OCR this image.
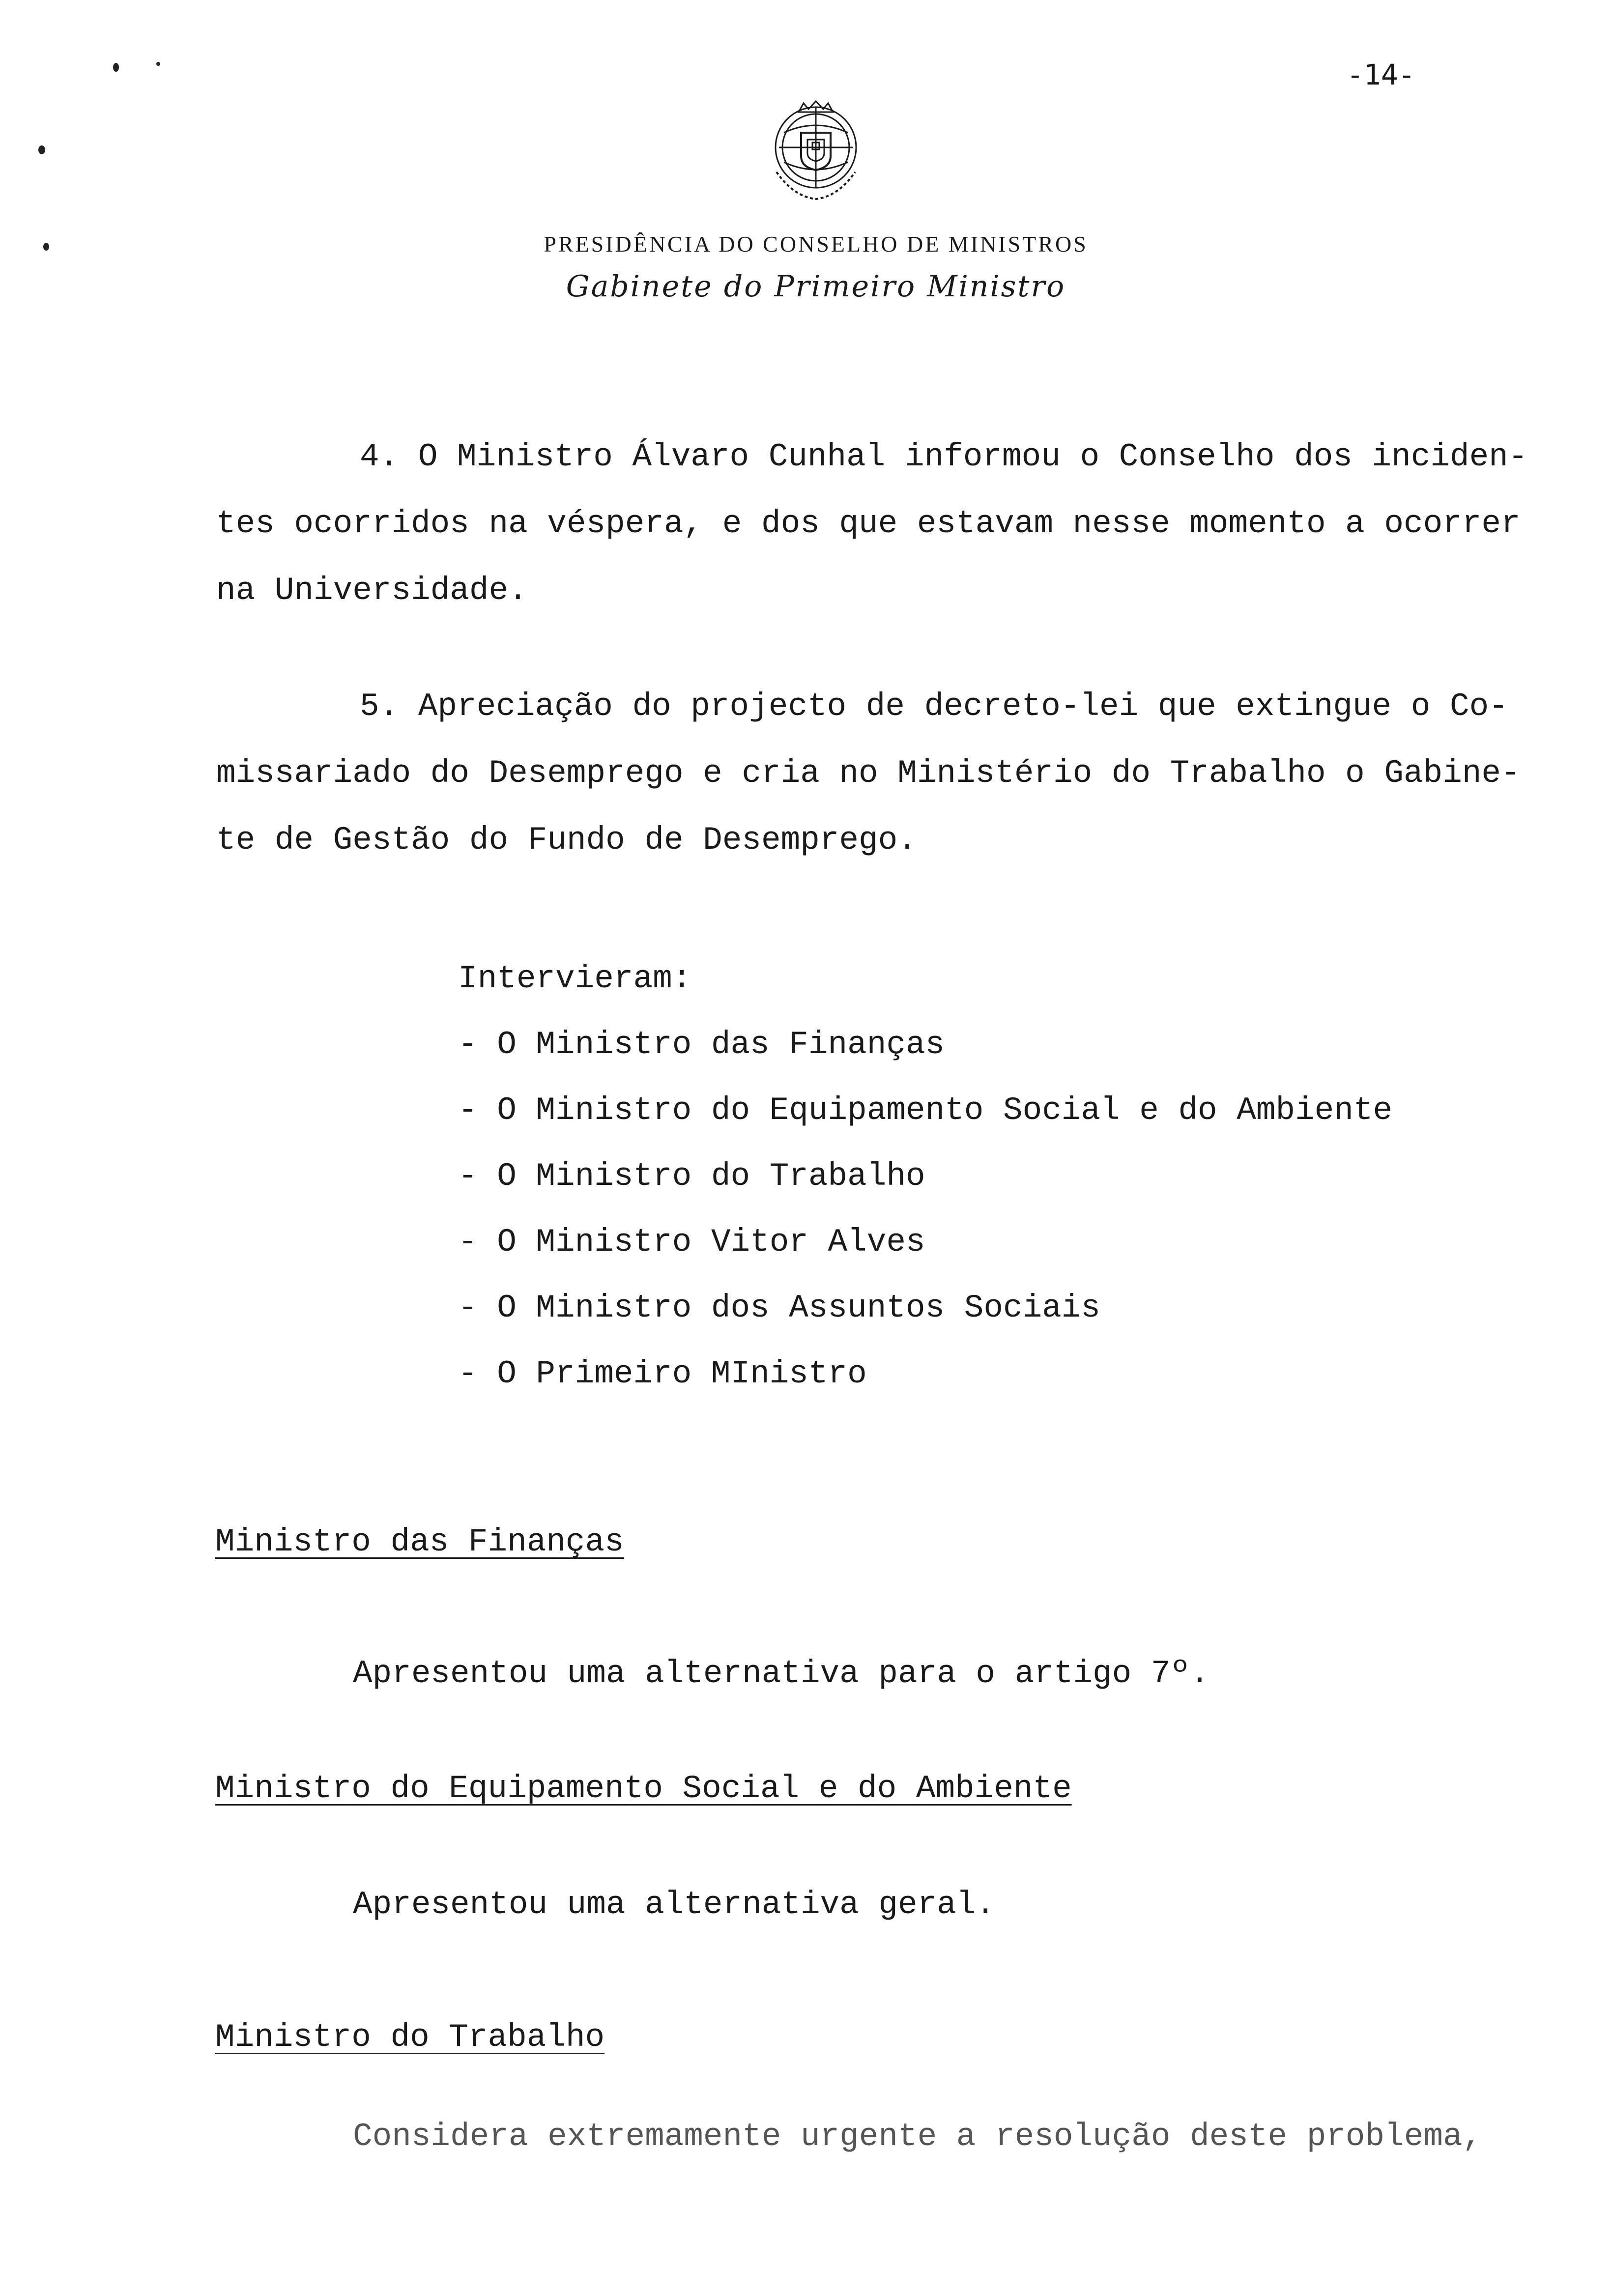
-14-
PRESIDÊNCIA DO CONSELHO DE MINISTROS
Gabinete do Primeiro Ministro
4. O Ministro Álvaro Cunhal informou o Conselho dos inciden-
tes ocorridos na véspera, e dos que estavam nesse momento a ocorrer
na Universidade.
5. Apreciação do projecto de decreto-lei que extingue o Co-
missariado do Desemprego e cria no Ministério do Trabalho o Gabine-
te de Gestão do Fundo de Desemprego.
Intervieram:
- O Ministro das Finanças
- O Ministro do Equipamento Social e do Ambiente
- O Ministro do Trabalho
- O Ministro Vitor Alves
- O Ministro dos Assuntos Sociais
- O Primeiro MInistro
Ministro das Finanças
Apresentou uma alternativa para o artigo 7º.
Ministro do Equipamento Social e do Ambiente
Apresentou uma alternativa geral.
Ministro do Trabalho
Considera extremamente urgente a resolução deste problema,
